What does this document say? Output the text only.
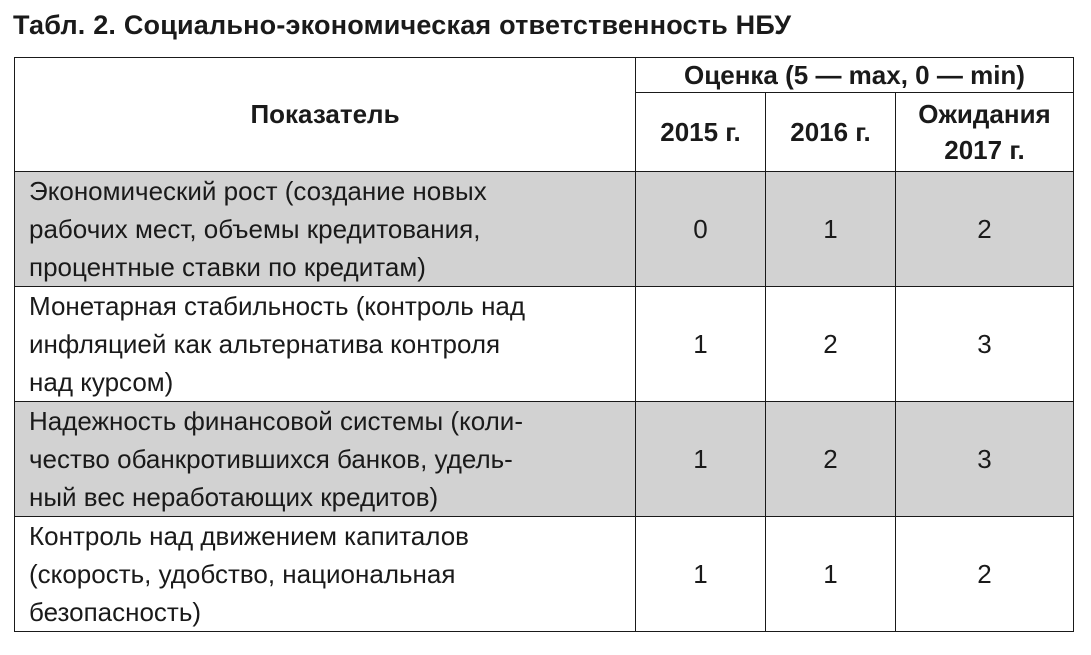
Табл. 2. Социально-экономическая ответственность НБУ
Показатель	Оценка (5 — max, 0 — min)		
	2015 г.	2016 г.	Ожидания
2017 г.

Экономический рост (создание новых
рабочих мест, объемы кредитования,
процентные ставки по кредитам)	0	1	2

Монетарная стабильность (контроль над
инфляцией как альтернатива контроля
над курсом)	1	2	3

Надежность финансовой системы (коли-
чество обанкротившихся банков, удель-
ный вес неработающих кредитов)	1	2	3

Контроль над движением капиталов
(скорость, удобство, национальная
безопасность)	1	1	2
